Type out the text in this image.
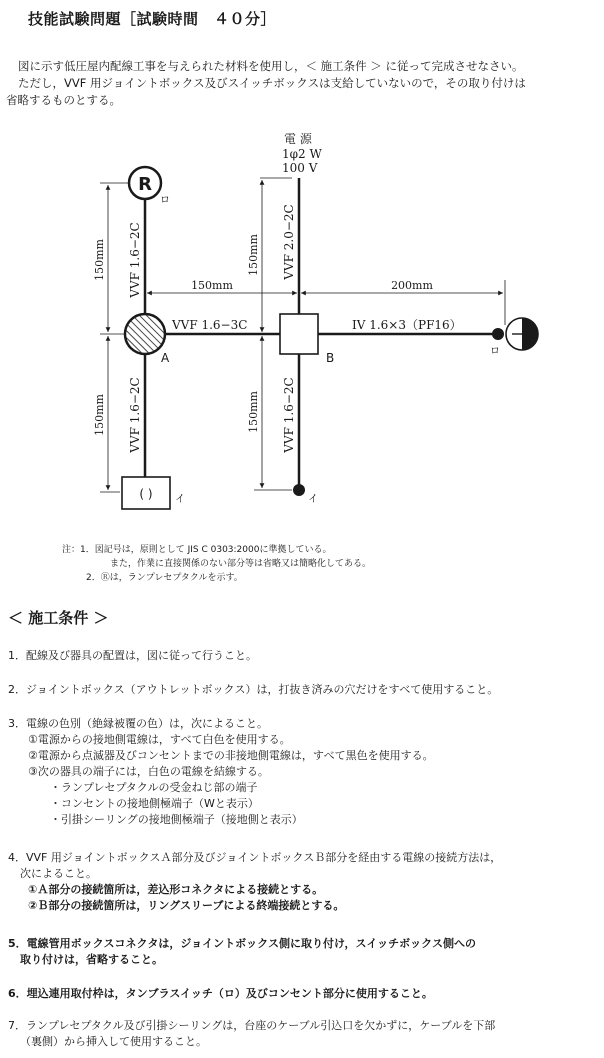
技能試験問題［試験時間　４０分］

図に示す低圧屋内配線工事を与えられた材料を使用し，＜ 施工条件 ＞ に従って完成させなさい。

ただし，VVF 用ジョイントボックス及びスイッチボックスは支給していないので，その取り付けは

省略するものとする。

電 源
1φ2 W
100 V
R
ロ
A	B
( ) イ	イ
ロ
150mm
150mm
150mm
150mm
150mm	200mm
VVF 1.6−2C
VVF 1.6−2C
VVF 2.0−2C
VVF 1.6−2C
VVF 1.6−3C	IV 1.6×3（PF16）
注：1．図記号は，原則として JIS C 0303:2000に準拠している。
また，作業に直接関係のない部分等は省略又は簡略化してある。
2．Ⓡは，ランプレセプタクルを示す。
＜ 施工条件 ＞
1．配線及び器具の配置は，図に従って行うこと。
2．ジョイントボックス（アウトレットボックス）は，打抜き済みの穴だけをすべて使用すること。
3．電線の色別（絶縁被覆の色）は，次によること。
①電源からの接地側電線は，すべて白色を使用する。
②電源から点滅器及びコンセントまでの非接地側電線は，すべて黒色を使用する。
③次の器具の端子には，白色の電線を結線する。
・ランプレセプタクルの受金ねじ部の端子
・コンセントの接地側極端子（Wと表示）
・引掛シーリングの接地側極端子（接地側と表示）
4．VVF 用ジョイントボックスＡ部分及びジョイントボックスＢ部分を経由する電線の接続方法は，
次によること。
①Ａ部分の接続箇所は，差込形コネクタによる接続とする。
②Ｂ部分の接続箇所は，リングスリーブによる終端接続とする。
5．電線管用ボックスコネクタは，ジョイントボックス側に取り付け，スイッチボックス側への
取り付けは，省略すること。
6．埋込連用取付枠は，タンブラスイッチ（ロ）及びコンセント部分に使用すること。
7．ランプレセプタクル及び引掛シーリングは，台座のケーブル引込口を欠かずに，ケーブルを下部
（裏側）から挿入して使用すること。
